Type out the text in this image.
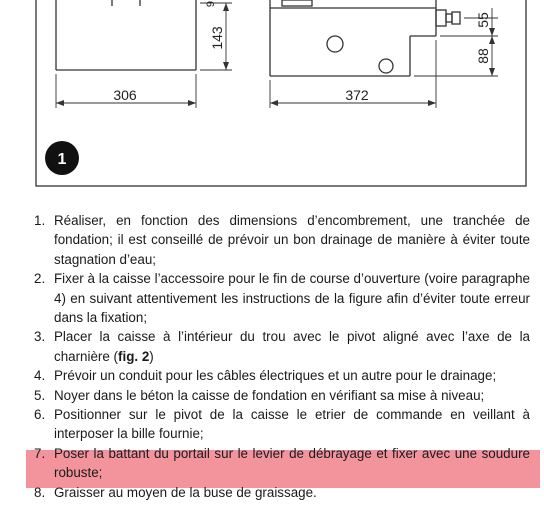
143
306
9
372
55
88
1
1. Réaliser, en fonction des dimensions d’encombrement, une tranchée de fondation; il est conseillé de prévoir un bon drainage de manière à éviter toute stagnation d’eau;
2. Fixer à la caisse l’accessoire pour le fin de course d’ouverture (voire paragraphe 4) en suivant attentivement les instructions de la figure afin d’éviter toute erreur dans la fixation;
3. Placer la caisse à l’intérieur du trou avec le pivot aligné avec l’axe de la charnière (fig. 2)
4. Prévoir un conduit pour les câbles électriques et un autre pour le drainage;
5. Noyer dans le béton la caisse de fondation en vérifiant sa mise à niveau;
6. Positionner sur le pivot de la caisse le etrier de commande en veillant à interposer la bille fournie;
7. Poser la battant du portail sur le levier de débrayage et fixer avec une soudure robuste;
8. Graisser au moyen de la buse de graissage.
